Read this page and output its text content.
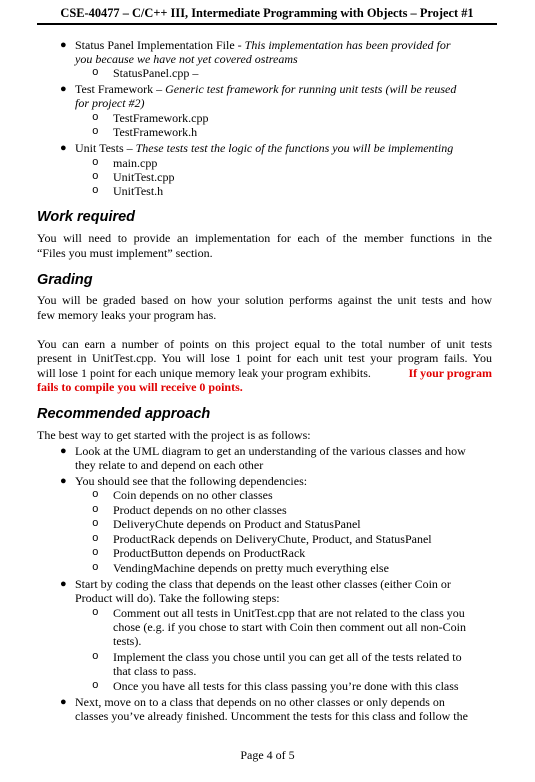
CSE-40477 – C/C++ III, Intermediate Programming with Objects – Project #1
● Status Panel Implementation File - This implementation has been provided for
you because we have not yet covered ostreams
o StatusPanel.cpp –
● Test Framework – Generic test framework for running unit tests (will be reused
for project #2)
o TestFramework.cpp
o TestFramework.h
● Unit Tests – These tests test the logic of the functions you will be implementing
o main.cpp
o UnitTest.cpp
o UnitTest.h
Work required
You will need to provide an implementation for each of the member functions in the
“Files you must implement” section.
Grading
You will be graded based on how your solution performs against the unit tests and how
few memory leaks your program has.
You can earn a number of points on this project equal to the total number of unit tests
present in UnitTest.cpp. You will lose 1 point for each unit test your program fails. You
will lose 1 point for each unique memory leak your program exhibits.	If your program
fails to compile you will receive 0 points.
Recommended approach
The best way to get started with the project is as follows:
● Look at the UML diagram to get an understanding of the various classes and how
they relate to and depend on each other
● You should see that the following dependencies:
o Coin depends on no other classes
o Product depends on no other classes
o DeliveryChute depends on Product and StatusPanel
o ProductRack depends on DeliveryChute, Product, and StatusPanel
o ProductButton depends on ProductRack
o VendingMachine depends on pretty much everything else
● Start by coding the class that depends on the least other classes (either Coin or
Product will do). Take the following steps:
o Comment out all tests in UnitTest.cpp that are not related to the class you
chose (e.g. if you chose to start with Coin then comment out all non-Coin
tests).
o Implement the class you chose until you can get all of the tests related to
that class to pass.
o Once you have all tests for this class passing you’re done with this class
● Next, move on to a class that depends on no other classes or only depends on
classes you’ve already finished. Uncomment the tests for this class and follow the
Page 4 of 5
